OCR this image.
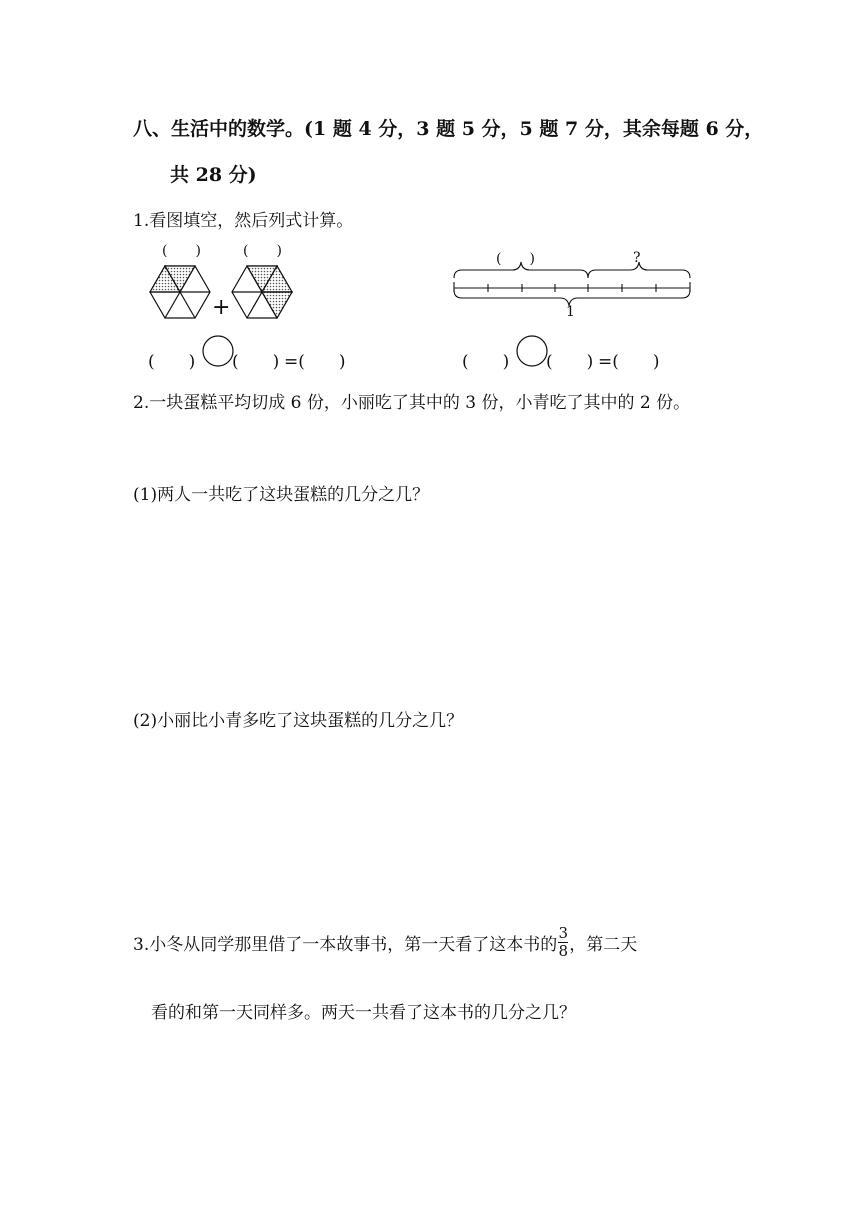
八、生活中的数学。(1 题 4 分，3 题 5 分，5 题 7 分，其余每题 6 分，
共 28 分)
1.看图填空，然后列式计算。
(　　)	(　　)
+
(　　)	?
1
(　　) (　　) =(　　)	(　　) (　　) =(　　)
2.一块蛋糕平均切成 6 份，小丽吃了其中的 3 份，小青吃了其中的 2 份。
(1)两人一共吃了这块蛋糕的几分之几？
(2)小丽比小青多吃了这块蛋糕的几分之几？
3.小冬从同学那里借了一本故事书，第一天看了这本书的 $\frac{3}{8}$ ，第二天
看的和第一天同样多。两天一共看了这本书的几分之几？
